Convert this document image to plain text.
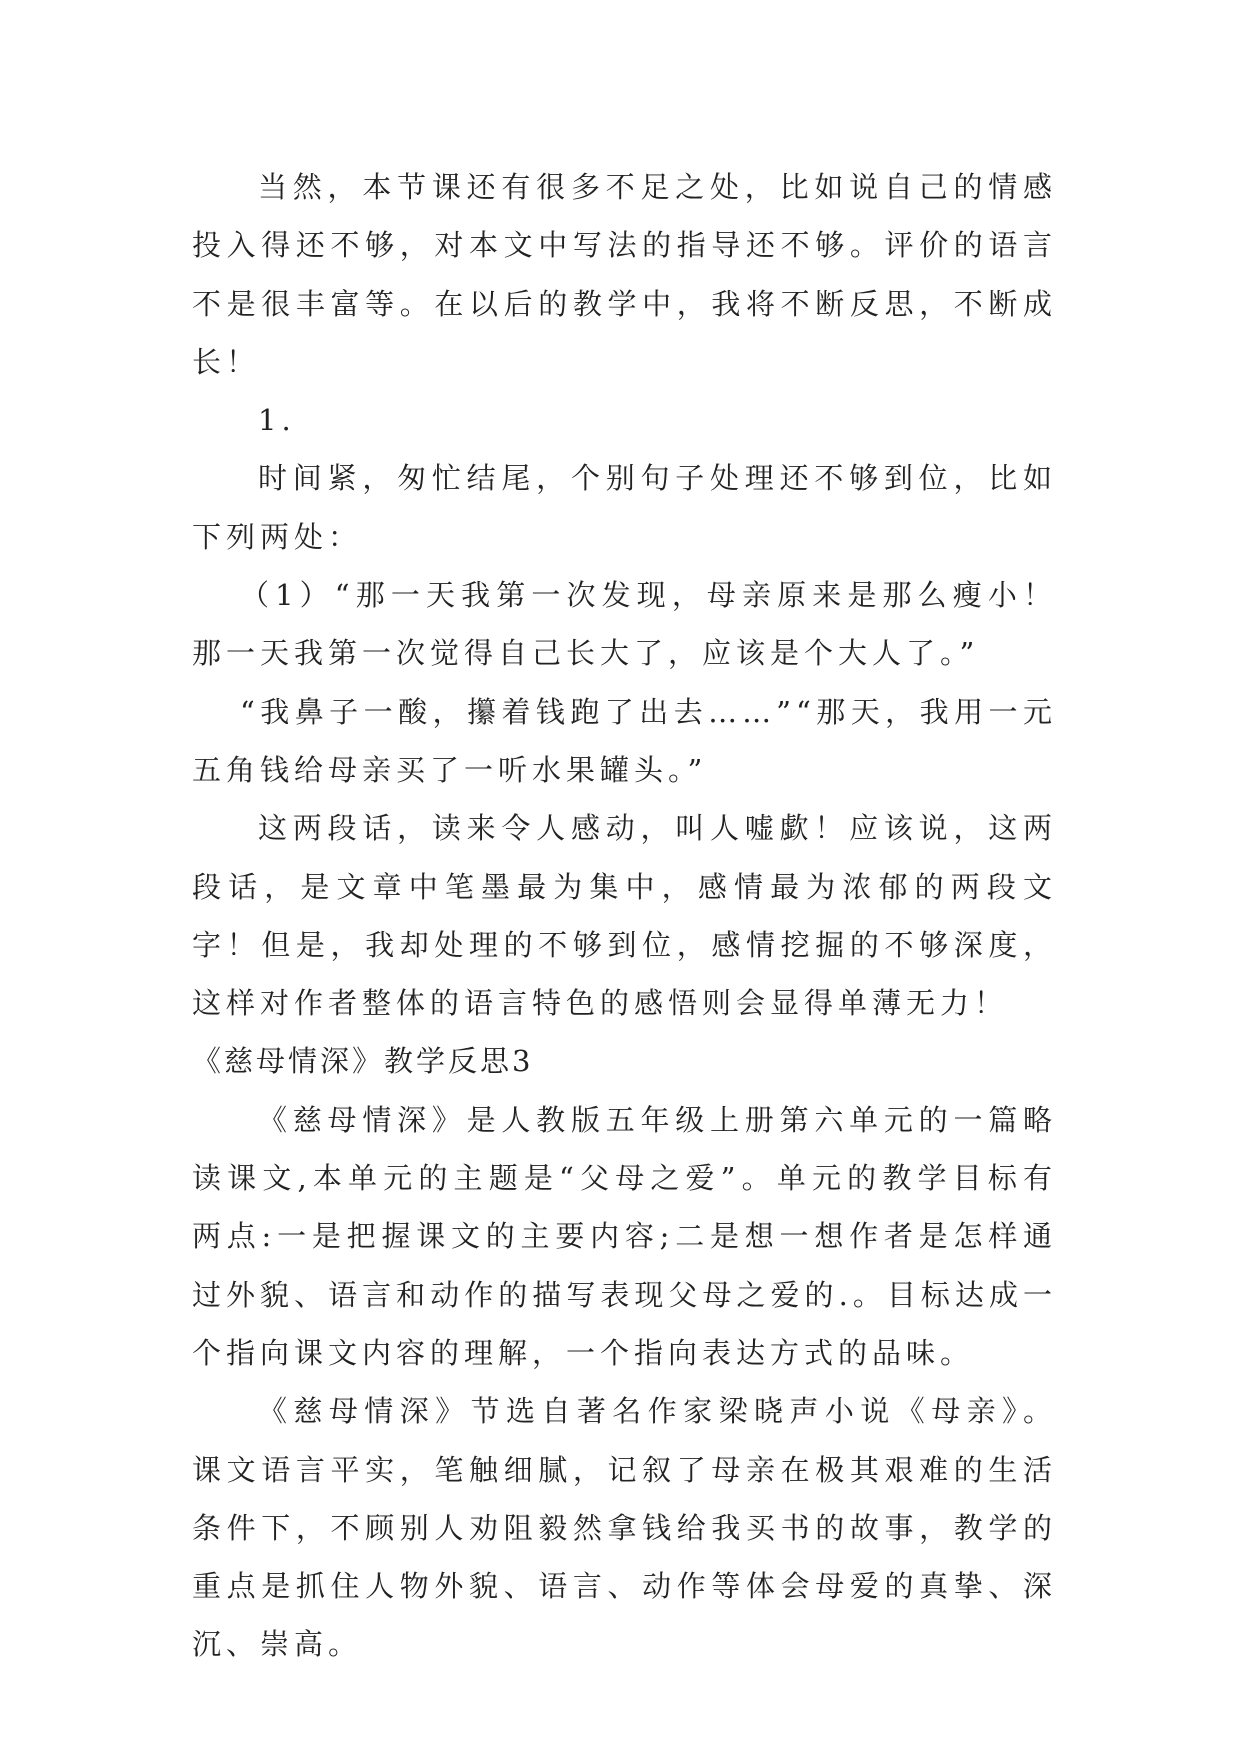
当然，本节课还有很多不足之处，比如说自己的情感投入得还不够，对本文中写法的指导还不够。评价的语言不是很丰富等。在以后的教学中，我将不断反思，不断成长！

1.

时间紧，匆忙结尾，个别句子处理还不够到位，比如下列两处：

（1）“那一天我第一次发现，母亲原来是那么瘦小！那一天我第一次觉得自己长大了，应该是个大人了。”

“我鼻子一酸，攥着钱跑了出去……”“那天，我用一元五角钱给母亲买了一听水果罐头。”

这两段话，读来令人感动，叫人嘘歔！应该说，这两段话，是文章中笔墨最为集中，感情最为浓郁的两段文字！但是，我却处理的不够到位，感情挖掘的不够深度，这样对作者整体的语言特色的感悟则会显得单薄无力！

《慈母情深》教学反思3

《慈母情深》是人教版五年级上册第六单元的一篇略读课文,本单元的主题是“父母之爱”。单元的教学目标有两点:一是把握课文的主要内容;二是想一想作者是怎样通过外貌、语言和动作的描写表现父母之爱的.。目标达成一个指向课文内容的理解，一个指向表达方式的品味。

《慈母情深》节选自著名作家梁晓声小说《母亲》。课文语言平实，笔触细腻，记叙了母亲在极其艰难的生活条件下，不顾别人劝阻毅然拿钱给我买书的故事，教学的重点是抓住人物外貌、语言、动作等体会母爱的真挚、深沉、崇高。
